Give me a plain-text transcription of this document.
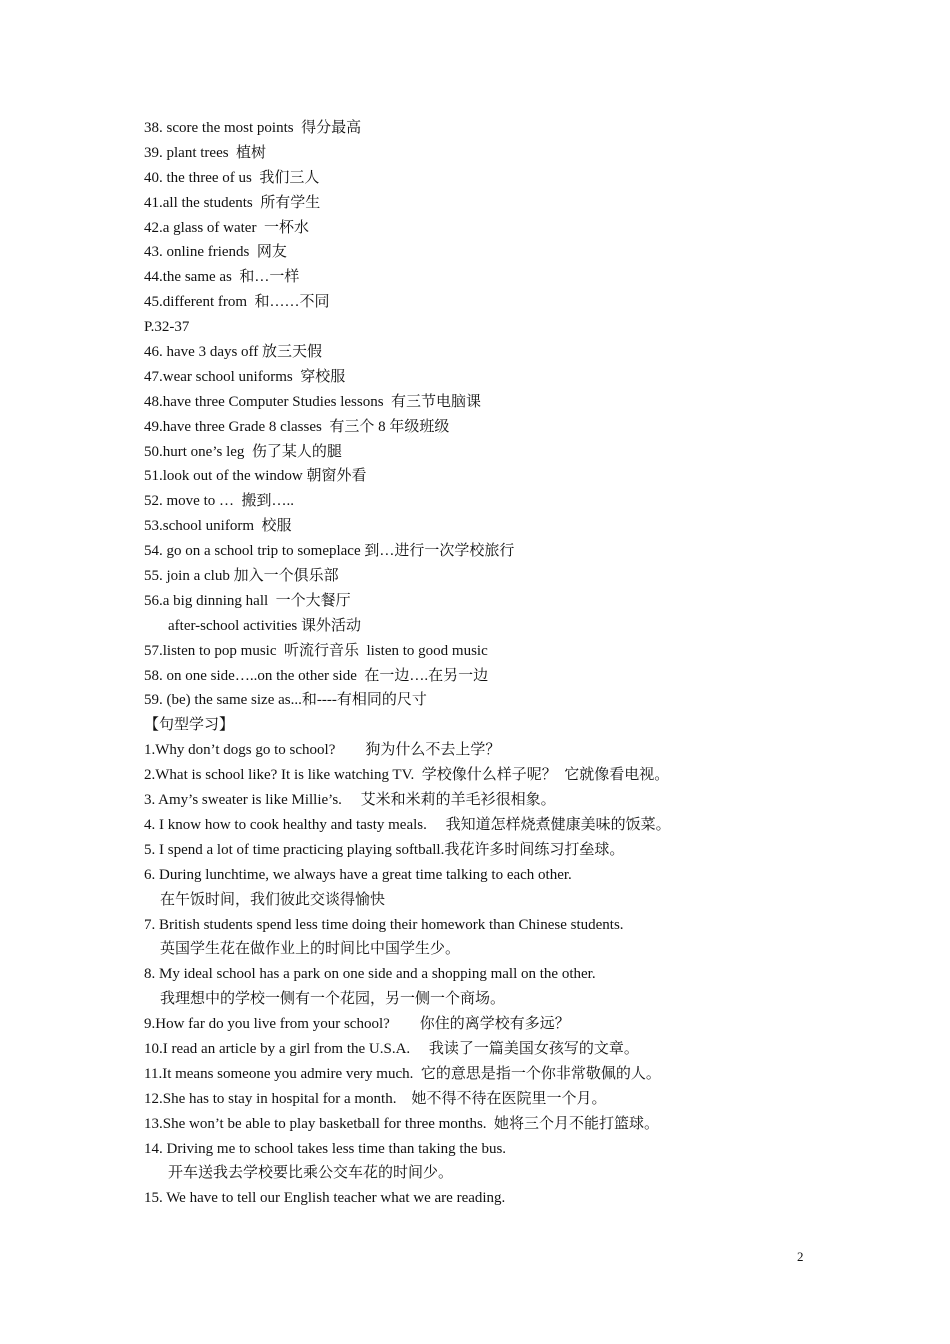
38. score the most points  得分最高
39. plant trees  植树
40. the three of us  我们三人
41.all the students  所有学生
42.a glass of water  一杯水
43. online friends  网友
44.the same as  和…一样
45.different from  和……不同
P.32-37
46. have 3 days off 放三天假
47.wear school uniforms  穿校服
48.have three Computer Studies lessons  有三节电脑课
49.have three Grade 8 classes  有三个 8 年级班级
50.hurt one’s leg  伤了某人的腿
51.look out of the window 朝窗外看
52. move to …  搬到…..
53.school uniform  校服
54. go on a school trip to someplace 到…进行一次学校旅行
55. join a club 加入一个俱乐部
56.a big dinning hall  一个大餐厅
after-school activities 课外活动
57.listen to pop music  听流行音乐  listen to good music
58. on one side…..on the other side  在一边….在另一边
59. (be) the same size as...和----有相同的尺寸
【句型学习】
1.Why don’t dogs go to school?        狗为什么不去上学？
2.What is school like? It is like watching TV.  学校像什么样子呢？  它就像看电视。
3. Amy’s sweater is like Millie’s.     艾米和米莉的羊毛衫很相象。
4. I know how to cook healthy and tasty meals.     我知道怎样烧煮健康美味的饭菜。
5. I spend a lot of time practicing playing softball.我花许多时间练习打垒球。
6. During lunchtime, we always have a great time talking to each other.
在午饭时间，我们彼此交谈得愉快
7. British students spend less time doing their homework than Chinese students.
英国学生花在做作业上的时间比中国学生少。
8. My ideal school has a park on one side and a shopping mall on the other.
我理想中的学校一侧有一个花园，另一侧一个商场。
9.How far do you live from your school?        你住的离学校有多远？
10.I read an article by a girl from the U.S.A.     我读了一篇美国女孩写的文章。
11.It means someone you admire very much.  它的意思是指一个你非常敬佩的人。
12.She has to stay in hospital for a month.    她不得不待在医院里一个月。
13.She won’t be able to play basketball for three months.  她将三个月不能打篮球。
14. Driving me to school takes less time than taking the bus.
开车送我去学校要比乘公交车花的时间少。
15. We have to tell our English teacher what we are reading.
2
